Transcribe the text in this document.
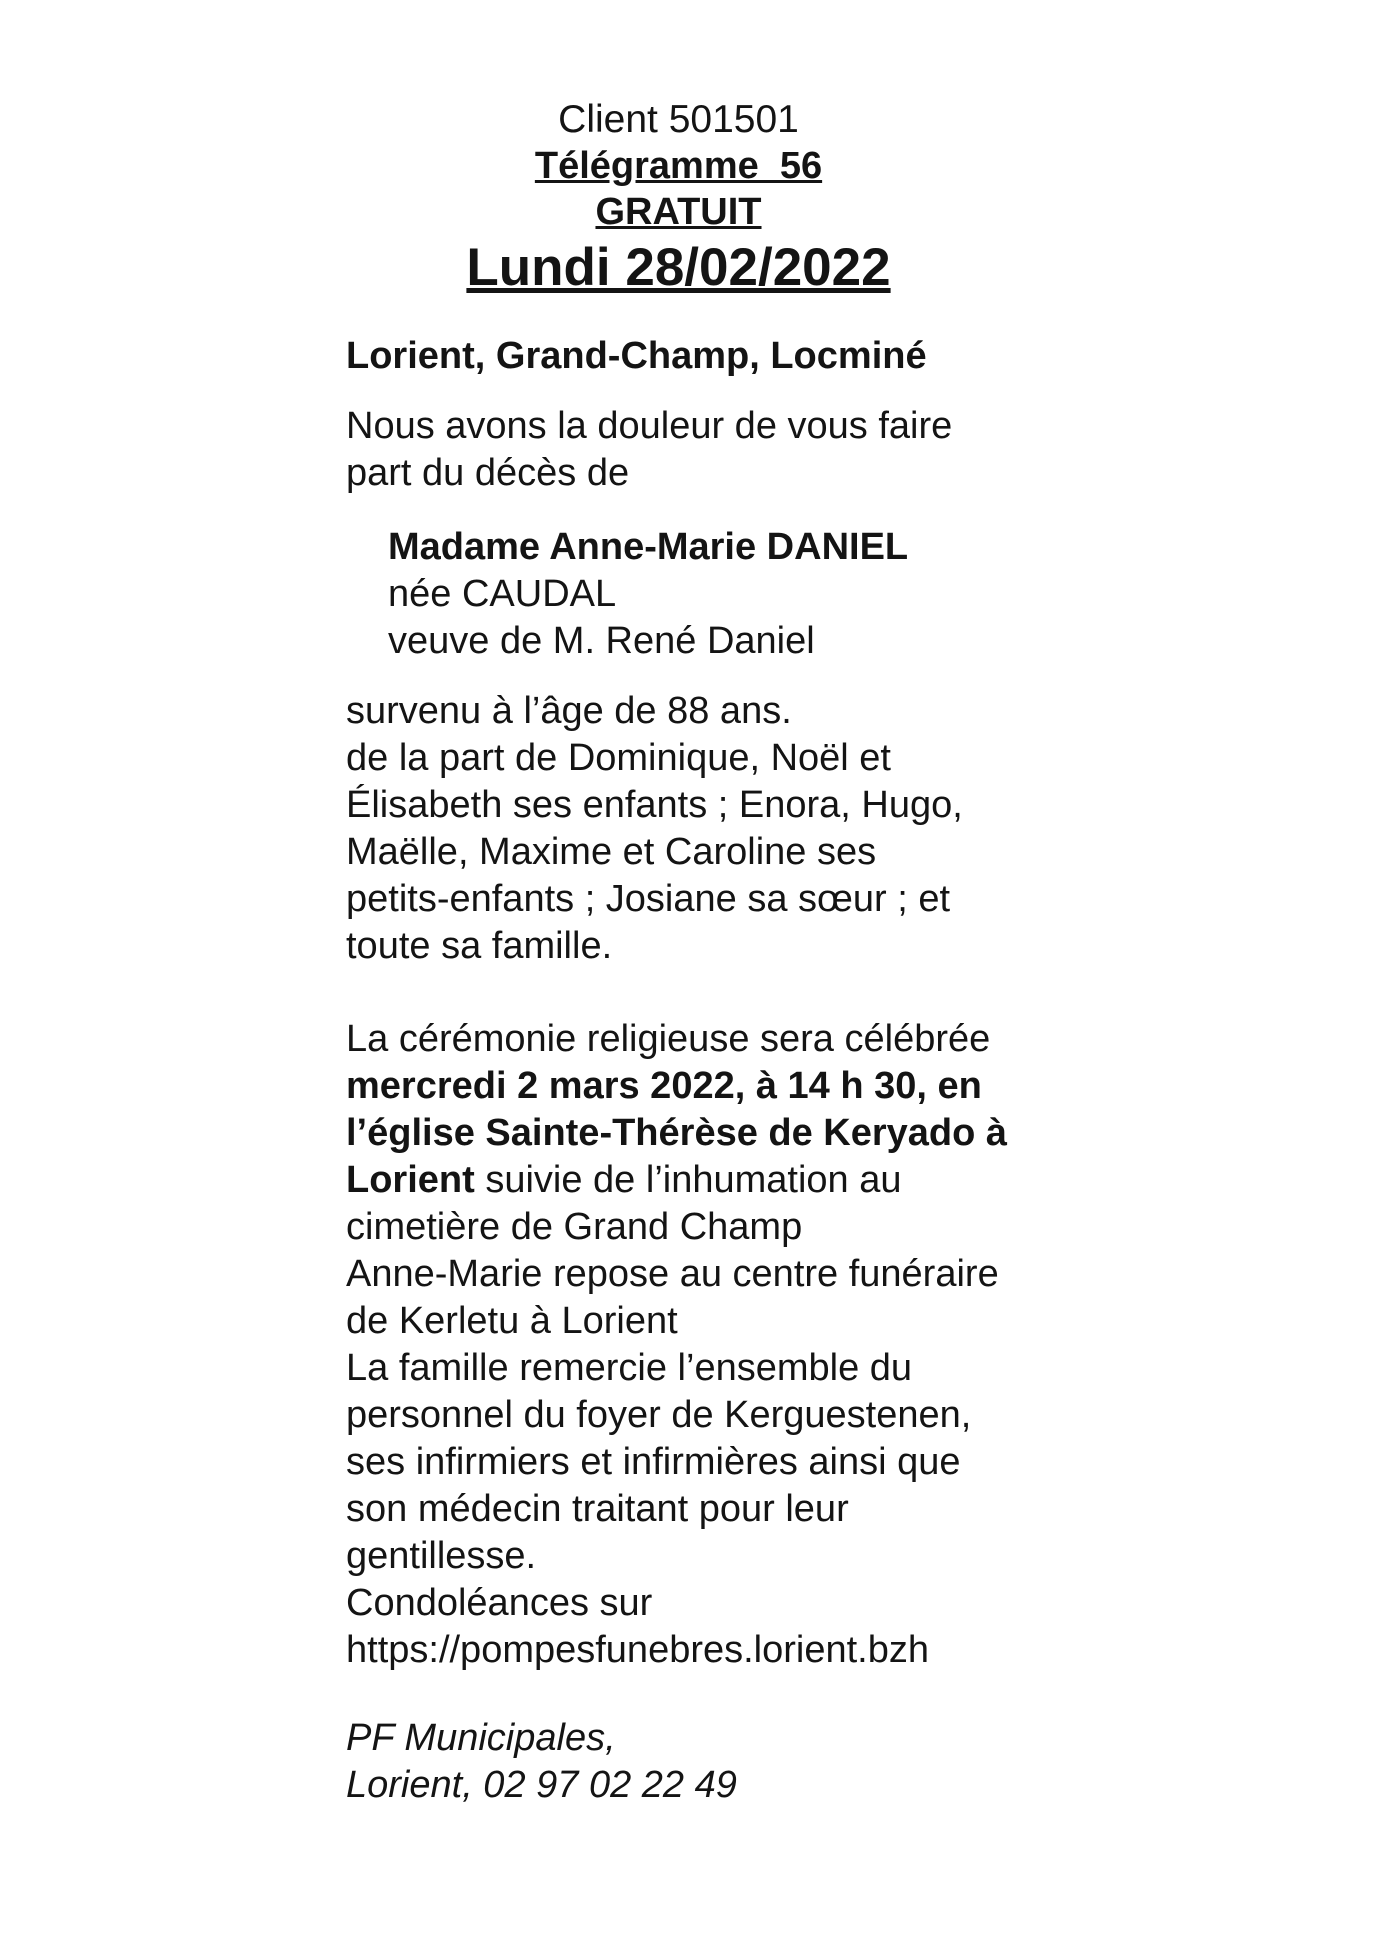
Client 501501
Télégramme  56
GRATUIT
Lundi 28/02/2022
Lorient, Grand-Champ, Locminé
Nous avons la douleur de vous faire
part du décès de
Madame Anne-Marie DANIEL
née CAUDAL
veuve de M. René Daniel
survenu à l’âge de 88 ans.
de la part de Dominique, Noël et
Élisabeth ses enfants ; Enora, Hugo,
Maëlle, Maxime et Caroline ses
petits-enfants ; Josiane sa sœur ; et
toute sa famille.
La cérémonie religieuse sera célébrée
mercredi 2 mars 2022, à 14 h 30, en
l’église Sainte-Thérèse de Keryado à
Lorient suivie de l’inhumation au
cimetière de Grand Champ
Anne-Marie repose au centre funéraire
de Kerletu à Lorient
La famille remercie l’ensemble du
personnel du foyer de Kerguestenen,
ses infirmiers et infirmières ainsi que
son médecin traitant pour leur
gentillesse.
Condoléances sur
https://pompesfunebres.lorient.bzh
PF Municipales,
Lorient, 02 97 02 22 49
